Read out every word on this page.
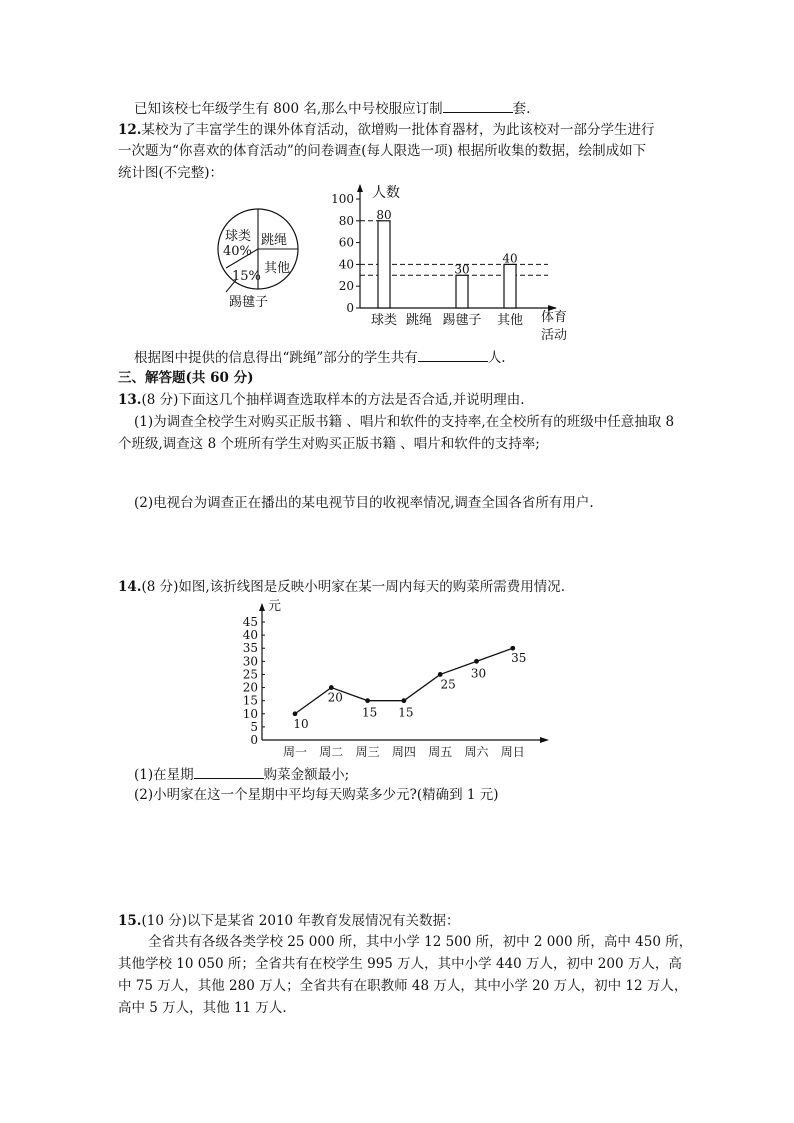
已知该校七年级学生有 800 名,那么中号校服应订制	套.
12.某校为了丰富学生的课外体育活动，欲增购一批体育器材，为此该校对一部分学生进行
一次题为“你喜欢的体育活动”的问卷调查(每人限选一项) 根据所收集的数据，绘制成如下
统计图(不完整)：
球类
40%
跳绳
其他
15%
踢毽子
人数
体育
活动
0
20
40
60
80
100
80
球类 跳绳
30
踢毽子
40
其他
元
0
5
10
15
20
25
30
35
40
45
周一 周二 周三 周四 周五 周六 周日
10
20
15 15
25
30
35
根据图中提供的信息得出“跳绳”部分的学生共有	人.
三、解答题(共 60 分)
13.(8 分)下面这几个抽样调查选取样本的方法是否合适,并说明理由.
(1)为调查全校学生对购买正版书籍 、唱片和软件的支持率,在全校所有的班级中任意抽取 8
个班级,调查这 8 个班所有学生对购买正版书籍 、唱片和软件的支持率;
(2)电视台为调查正在播出的某电视节目的收视率情况,调查全国各省所有用户.
14.(8 分)如图,该折线图是反映小明家在某一周内每天的购菜所需费用情况.
(1)在星期	购菜金额最小;
(2)小明家在这一个星期中平均每天购菜多少元?(精确到 1 元)
15.(10 分)以下是某省 2010 年教育发展情况有关数据：
全省共有各级各类学校 25 000 所，其中小学 12 500 所，初中 2 000 所，高中 450 所，
其他学校 10 050 所；全省共有在校学生 995 万人，其中小学 440 万人，初中 200 万人，高
中 75 万人，其他 280 万人；全省共有在职教师 48 万人，其中小学 20 万人，初中 12 万人，
高中 5 万人，其他 11 万人.
